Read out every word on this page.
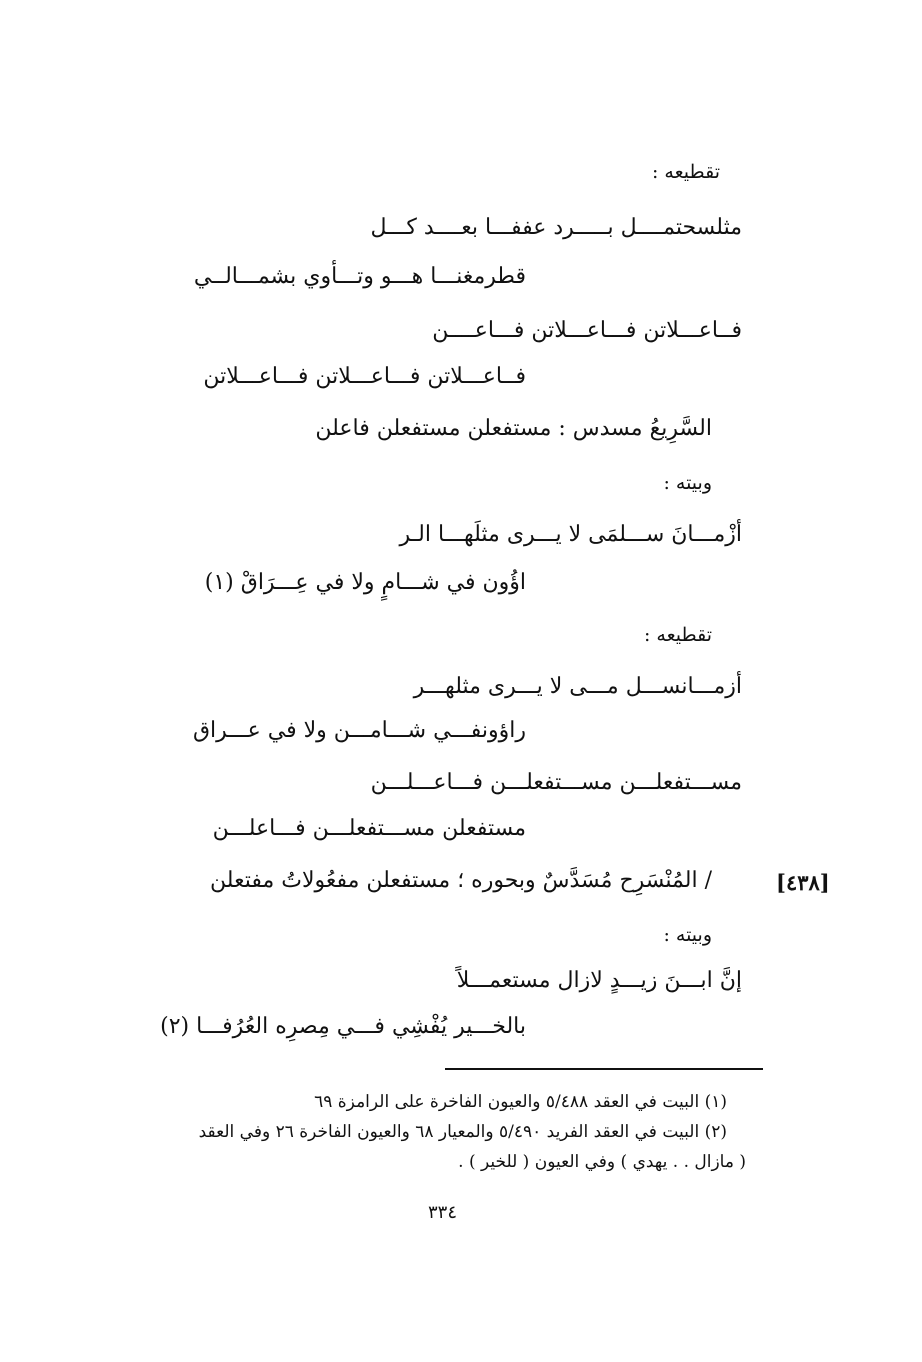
تقطيعه :

مثلسحتمــــل بـــــرد عففـــا بعــــد كـــل

قطرمغنـــا هـــو وتـــأوي بشمـــالــي

فــاعـــلاتن فـــاعـــلاتن فـــاعــــن

فــاعـــلاتن فـــاعـــلاتن فـــاعـــلاتن

السَّرِيعُ مسدس : مستفعلن مستفعلن فاعلن

وبيته :

أزْمـــانَ ســـلمَى لا يـــرى مثلَهـــا الـر

اؤُون في شـــامٍ ولا في عِـــرَاقْ (١)

تقطيعه :

أزمـــانســـل مـــى لا يـــرى مثلهـــر

راؤونفـــي شـــامـــن ولا في عـــراق

مســـتفعلـــن مســـتفعلـــن فـــاعـــلـــن

مستفعلن مســـتفعلـــن فـــاعلـــن

/ المُنْسَرِح مُسَدَّسٌ وبحوره ؛ مستفعلن مفعُولاتُ مفتعلن	[٤٣٨]

وبيته :

إنَّ ابـــنَ زيـــدٍ لازال مستعمـــلاً

بالخـــير يُفْشِي فـــي مِصرِه العُرُفـــا (٢)

(١) البيت في العقد ٥/٤٨٨ والعيون الفاخرة على الرامزة ٦٩

(٢) البيت في العقد الفريد ٥/٤٩٠ والمعيار ٦٨ والعيون الفاخرة ٢٦ وفي العقد

( مازال . . يهدي ) وفي العيون ( للخير ) .

٣٣٤
